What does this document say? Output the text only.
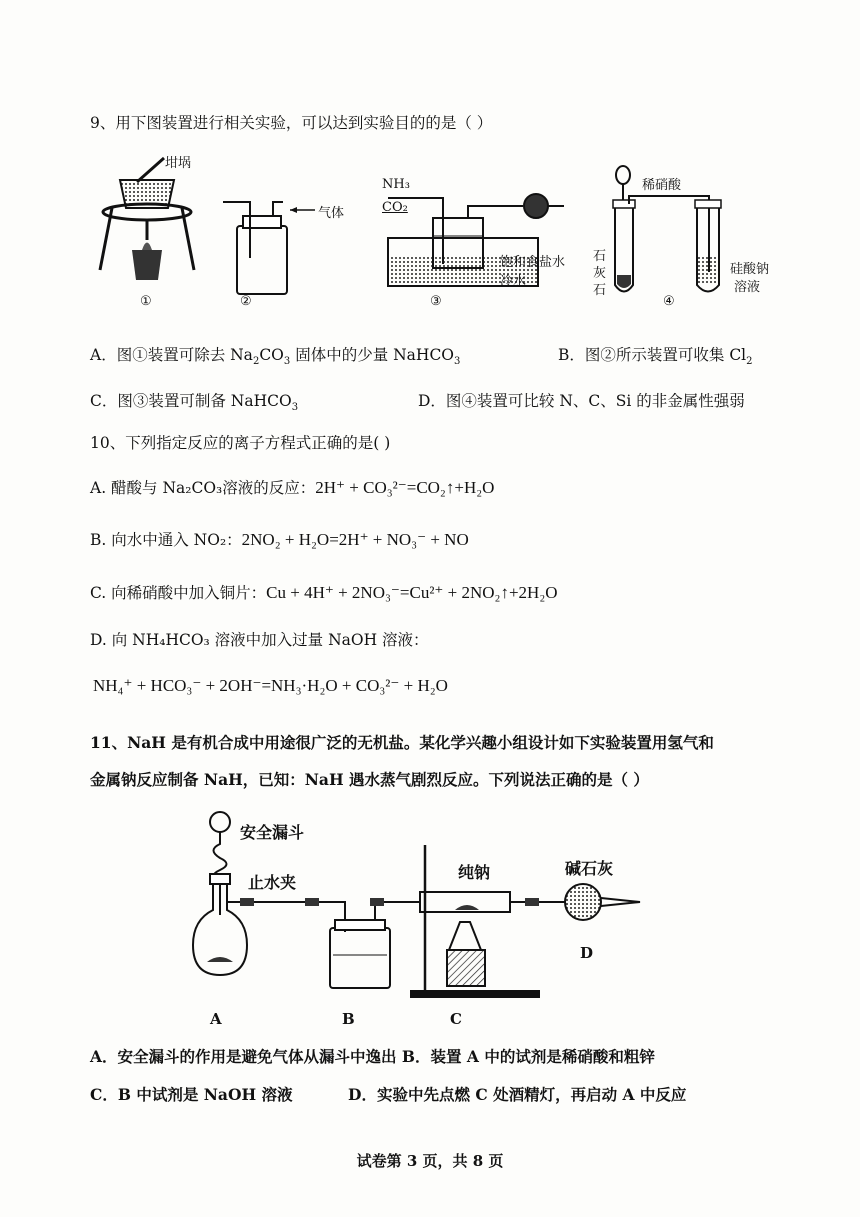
9、用下图装置进行相关实验，可以达到实验目的的是（ ）
坩埚
①
气体
②
NH₃
CO₂
饱和食盐水
冷水
③
稀硝酸
石
灰
石
硅酸钠
溶液
④
A．图①装置可除去 $Na_2CO_3$ 固体中的少量 NaHCO$_3$	B．图②所示装置可收集 $Cl_2$
C．图③装置可制备 NaHCO$_3$	D．图④装置可比较 N、C、Si 的非金属性强弱
10、下列指定反应的离子方程式正确的是( )
A. 醋酸与 Na₂CO₃溶液的反应：2H⁺ + CO₃²⁻=CO₂↑+H₂O
B. 向水中通入 NO₂：2NO₂ + H₂O=2H⁺ + NO₃⁻ + NO
C. 向稀硝酸中加入铜片：Cu + 4H⁺ + 2NO₃⁻=Cu²⁺ + 2NO₂↑+2H₂O
D. 向 NH₄HCO₃ 溶液中加入过量 NaOH 溶液：
NH₄⁺ + HCO₃⁻ + 2OH⁻=NH₃·H₂O + CO₃²⁻ + H₂O
11、NaH 是有机合成中用途很广泛的无机盐。某化学兴趣小组设计如下实验装置用氢气和
金属钠反应制备 NaH，已知：NaH 遇水蒸气剧烈反应。下列说法正确的是（ ）
安全漏斗
止水夹
纯钠	碱石灰
A	B	C
D
A．安全漏斗的作用是避免气体从漏斗中逸出 B．装置 A 中的试剂是稀硝酸和粗锌
C．B 中试剂是 NaOH 溶液	D．实验中先点燃 C 处酒精灯，再启动 A 中反应
试卷第 3 页，共 8 页
